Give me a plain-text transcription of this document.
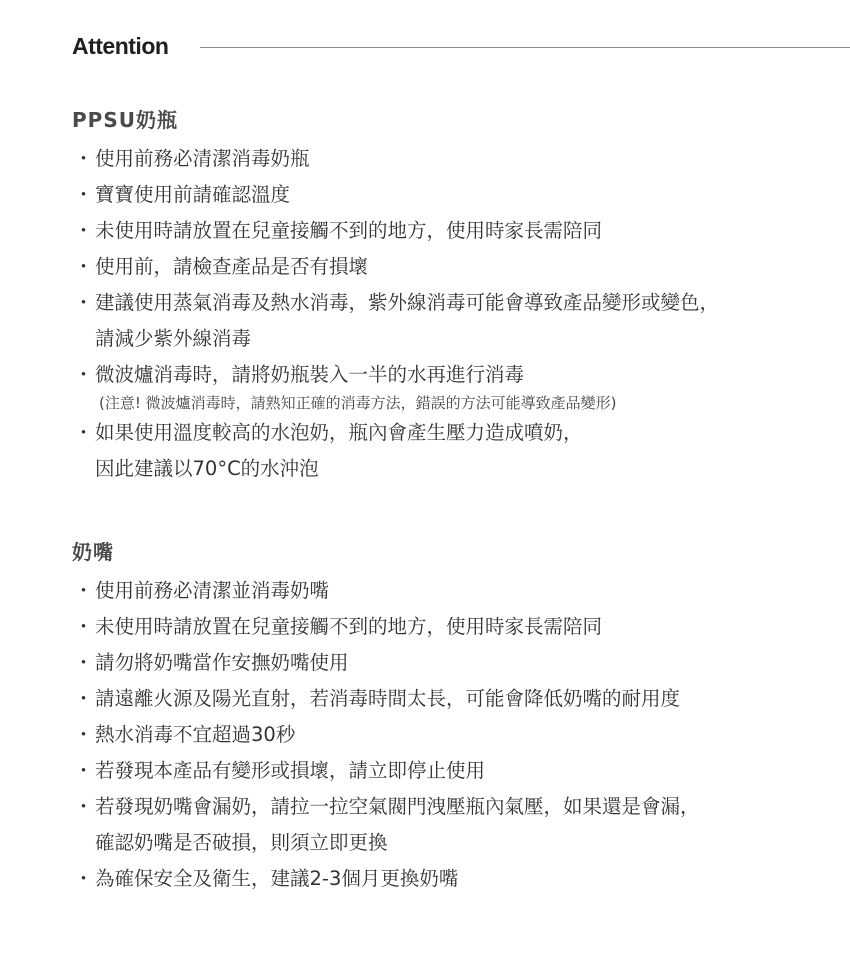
Attention
PPSU奶瓶
・ 使用前務必清潔消毒奶瓶
・ 寶寶使用前請確認溫度
・ 未使用時請放置在兒童接觸不到的地方，使用時家長需陪同
・ 使用前，請檢查產品是否有損壞
・ 建議使用蒸氣消毒及熱水消毒，紫外線消毒可能會導致產品變形或變色，
請減少紫外線消毒
・ 微波爐消毒時，請將奶瓶裝入一半的水再進行消毒
(注意! 微波爐消毒時，請熟知正確的消毒方法，錯誤的方法可能導致產品變形)
・ 如果使用溫度較高的水泡奶，瓶內會產生壓力造成噴奶，
因此建議以70°C的水沖泡
奶嘴
・ 使用前務必清潔並消毒奶嘴
・ 未使用時請放置在兒童接觸不到的地方，使用時家長需陪同
・ 請勿將奶嘴當作安撫奶嘴使用
・ 請遠離火源及陽光直射，若消毒時間太長，可能會降低奶嘴的耐用度
・ 熱水消毒不宜超過30秒
・ 若發現本產品有變形或損壞，請立即停止使用
・ 若發現奶嘴會漏奶，請拉一拉空氣閥門洩壓瓶內氣壓，如果還是會漏，
確認奶嘴是否破損，則須立即更換
・ 為確保安全及衛生，建議2-3個月更換奶嘴
